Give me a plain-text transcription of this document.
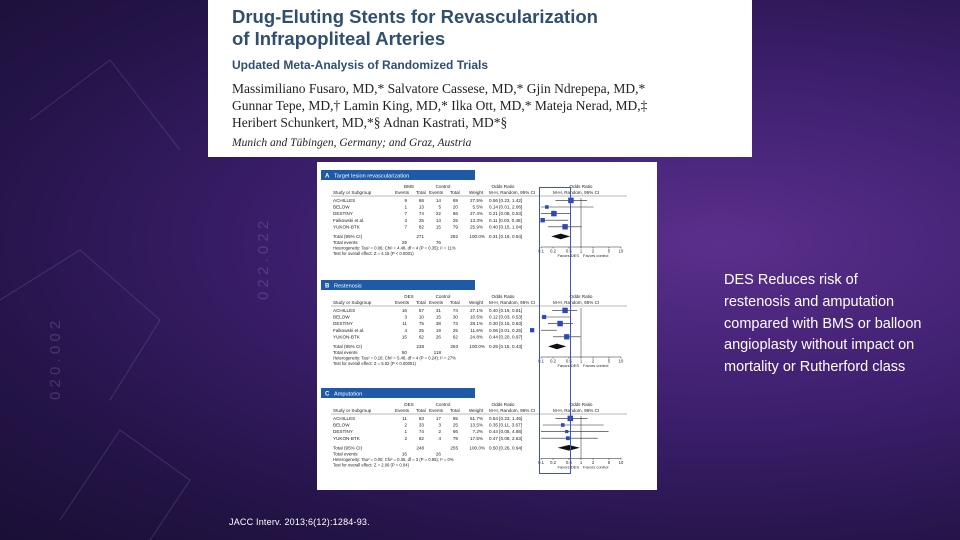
0 2 2 . 0 2 2
0 2 0 . 0 0 2
Drug-Eluting Stents for Revascularization
of Infrapopliteal Arteries
Updated Meta-Analysis of Randomized Trials
Massimiliano Fusaro, MD,* Salvatore Cassese, MD,* Gjin Ndrepepa, MD,*
Gunnar Tepe, MD,† Lamin King, MD,* Ilka Ott, MD,* Mateja Nerad, MD,‡
Heribert Schunkert, MD,*§ Adnan Kastrati, MD*§
Munich and Tübingen, Germany; and Graz, Austria
A Target lesion revascularization
BMS	Control	Odds Ratio	Odds Ratio
Study or Subgroup	Events Total Events Total Weight M-H, Random, 95% CI	M-H, Random, 95% CI
ACHILLES	9	68	14	69	27.5% 0.56 [0.23, 1.42]
BELOW	1	13	5	20	5.5% 0.14 [0.01, 2.06]
DESTINY	7	74	22	66	27.4% 0.21 [0.08, 0.53]
Falkowski et al.	3	25	14	25	13.3% 0.11 [0.03, 0.48]
YUKON-BTK	7	82	15	79	25.9% 0.40 [0.15, 1.04]
Total (95% CI)	271	282 100.0% 0.31 [0.18, 0.54]
Total events	29	76
Heterogeneity: Tau² = 0.06; Chi² = 4.48, df = 4 (P = 0.35); I² = 11%
Test for overall effect: Z = 4.15 (P < 0.0001)	0.1 0.2 0.5 1 2	5 10
Favors DES Favors control
B Restenosis
DES	Control	Odds Ratio	Odds Ratio
Study or Subgroup	Events Total Events Total Weight M-H, Random, 95% CI	M-H, Random, 95% CI
ACHILLES	16	57	31	74	27.1% 0.40 [0.19, 0.81]
BELOW	3	10	15	30	10.5% 0.12 [0.03, 0.53]
DESTINY	11	75	38	73	28.1% 0.30 [0.15, 0.63]
Falkowski et al.	4	25	19	25	11.6% 0.06 [0.01, 0.25]
YUKON-BTK	15	62	26	62	24.8% 0.44 [0.20, 0.97]
Total (95% CI)	238	263 100.0% 0.25 [0.15, 0.43]
Total events	50	118
Heterogeneity: Tau² = 0.10; Chi² = 5.48, df = 4 (P = 0.24); I² = 27%
Test for overall effect: Z = 5.02 (P < 0.00001)	0.1 0.2 0.5 1 2	5 10
Favors DES Favors control
C Amputation
DES	Control	Odds Ratio	Odds Ratio
Study or Subgroup	Events Total Events Total Weight M-H, Random, 95% CI	M-H, Random, 95% CI
ACHILLES	11	83	17	85	61.7% 0.54 [0.23, 1.46]
BELOW	2	33	3	25	13.5% 0.35 [0.11, 3.67]
DESTINY	1	74	2	66	7.2% 0.44 [0.05, 4.88]
YUKON-BTK	2	82	4	79	17.5% 0.47 [0.08, 2.63]
Total (95% CI)	248	255 100.0% 0.50 [0.26, 0.94]
Total events	16	26
Heterogeneity: Tau² = 0.00; Chi² = 0.35, df = 3 (P = 0.95); I² = 0%
Test for overall effect: Z = 2.06 (P = 0.04)	0.1 0.2 0.5 1 2	5 10
Favors DES Favors control
JACC Interv. 2013;6(12):1284-93.
DES Reduces risk of restenosis and amputation compared with BMS or balloon angioplasty without impact on mortality or Rutherford class
